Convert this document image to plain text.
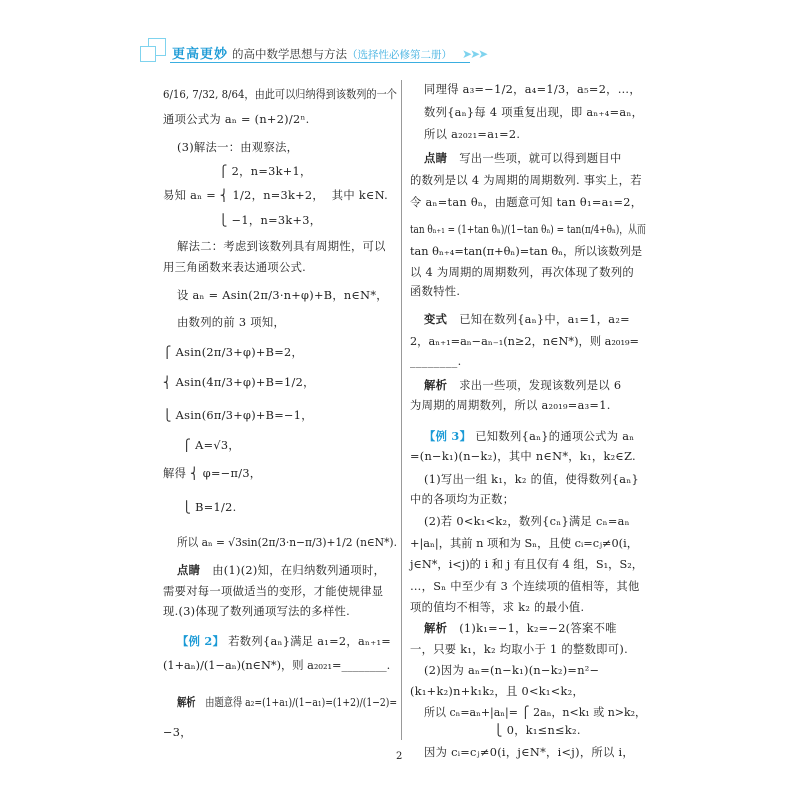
更高更妙 的高中数学思想与方法（选择性必修第二册） ➤➤➤
6/16, 7/32, 8/64，由此可以归纳得到该数列的一个
通项公式为 aₙ = (n+2)/2ⁿ.
(3)解法一：由观察法，
⎧ 2，n=3k+1，
易知 aₙ = ⎨ 1/2，n=3k+2，  其中 k∈N.
⎩ −1，n=3k+3，
解法二：考虑到该数列具有周期性，可以
用三角函数来表达通项公式.
设 aₙ = Asin(2π/3·n+φ)+B，n∈N*，
由数列的前 3 项知，
⎧ Asin(2π/3+φ)+B=2，
⎨ Asin(4π/3+φ)+B=1/2，
⎩ Asin(6π/3+φ)+B=−1，
⎧ A=√3，
解得 ⎨ φ=−π/3，
⎩ B=1/2.
所以 aₙ = √3sin(2π/3·n−π/3)+1/2 (n∈N*).
点睛 由(1)(2)知，在归纳数列通项时，
需要对每一项做适当的变形，才能使规律显
现.(3)体现了数列通项写法的多样性.
【例 2】 若数列{aₙ}满足 a₁=2，aₙ₊₁=
(1+aₙ)/(1−aₙ)(n∈N*)，则 a₂₀₂₁=________.
解析 由题意得 a₂=(1+a₁)/(1−a₁)=(1+2)/(1−2)=
−3，
同理得 a₃=−1/2，a₄=1/3，a₅=2，…，
数列{aₙ}每 4 项重复出现，即 aₙ₊₄=aₙ，
所以 a₂₀₂₁=a₁=2.
点睛 写出一些项，就可以得到题目中
的数列是以 4 为周期的周期数列. 事实上，若
令 aₙ=tan θₙ，由题意可知 tan θ₁=a₁=2，
tan θₙ₊₁ = (1+tan θₙ)/(1−tan θₙ) = tan(π/4+θₙ)，从而
tan θₙ₊₄=tan(π+θₙ)=tan θₙ，所以该数列是
以 4 为周期的周期数列，再次体现了数列的
函数特性.
变式 已知在数列{aₙ}中，a₁=1，a₂=
2，aₙ₊₁=aₙ−aₙ₋₁(n≥2，n∈N*)，则 a₂₀₁₉=
________.
解析 求出一些项，发现该数列是以 6
为周期的周期数列，所以 a₂₀₁₉=a₃=1.
【例 3】 已知数列{aₙ}的通项公式为 aₙ
=(n−k₁)(n−k₂)，其中 n∈N*，k₁，k₂∈Z.
(1)写出一组 k₁，k₂ 的值，使得数列{aₙ}
中的各项均为正数；
(2)若 0<k₁<k₂，数列{cₙ}满足 cₙ=aₙ
+|aₙ|，其前 n 项和为 Sₙ，且使 cᵢ=cⱼ≠0(i，
j∈N*，i<j)的 i 和 j 有且仅有 4 组，S₁，S₂，
…，Sₙ 中至少有 3 个连续项的值相等，其他
项的值均不相等，求 k₂ 的最小值.
解析 (1)k₁=−1，k₂=−2(答案不唯
一，只要 k₁，k₂ 均取小于 1 的整数即可).
(2)因为 aₙ=(n−k₁)(n−k₂)=n²−
(k₁+k₂)n+k₁k₂，且 0<k₁<k₂，
所以 cₙ=aₙ+|aₙ|= ⎧ 2aₙ，n<k₁ 或 n>k₂，
⎩ 0，k₁≤n≤k₂.
因为 cᵢ=cⱼ≠0(i，j∈N*，i<j)，所以 i，
2
